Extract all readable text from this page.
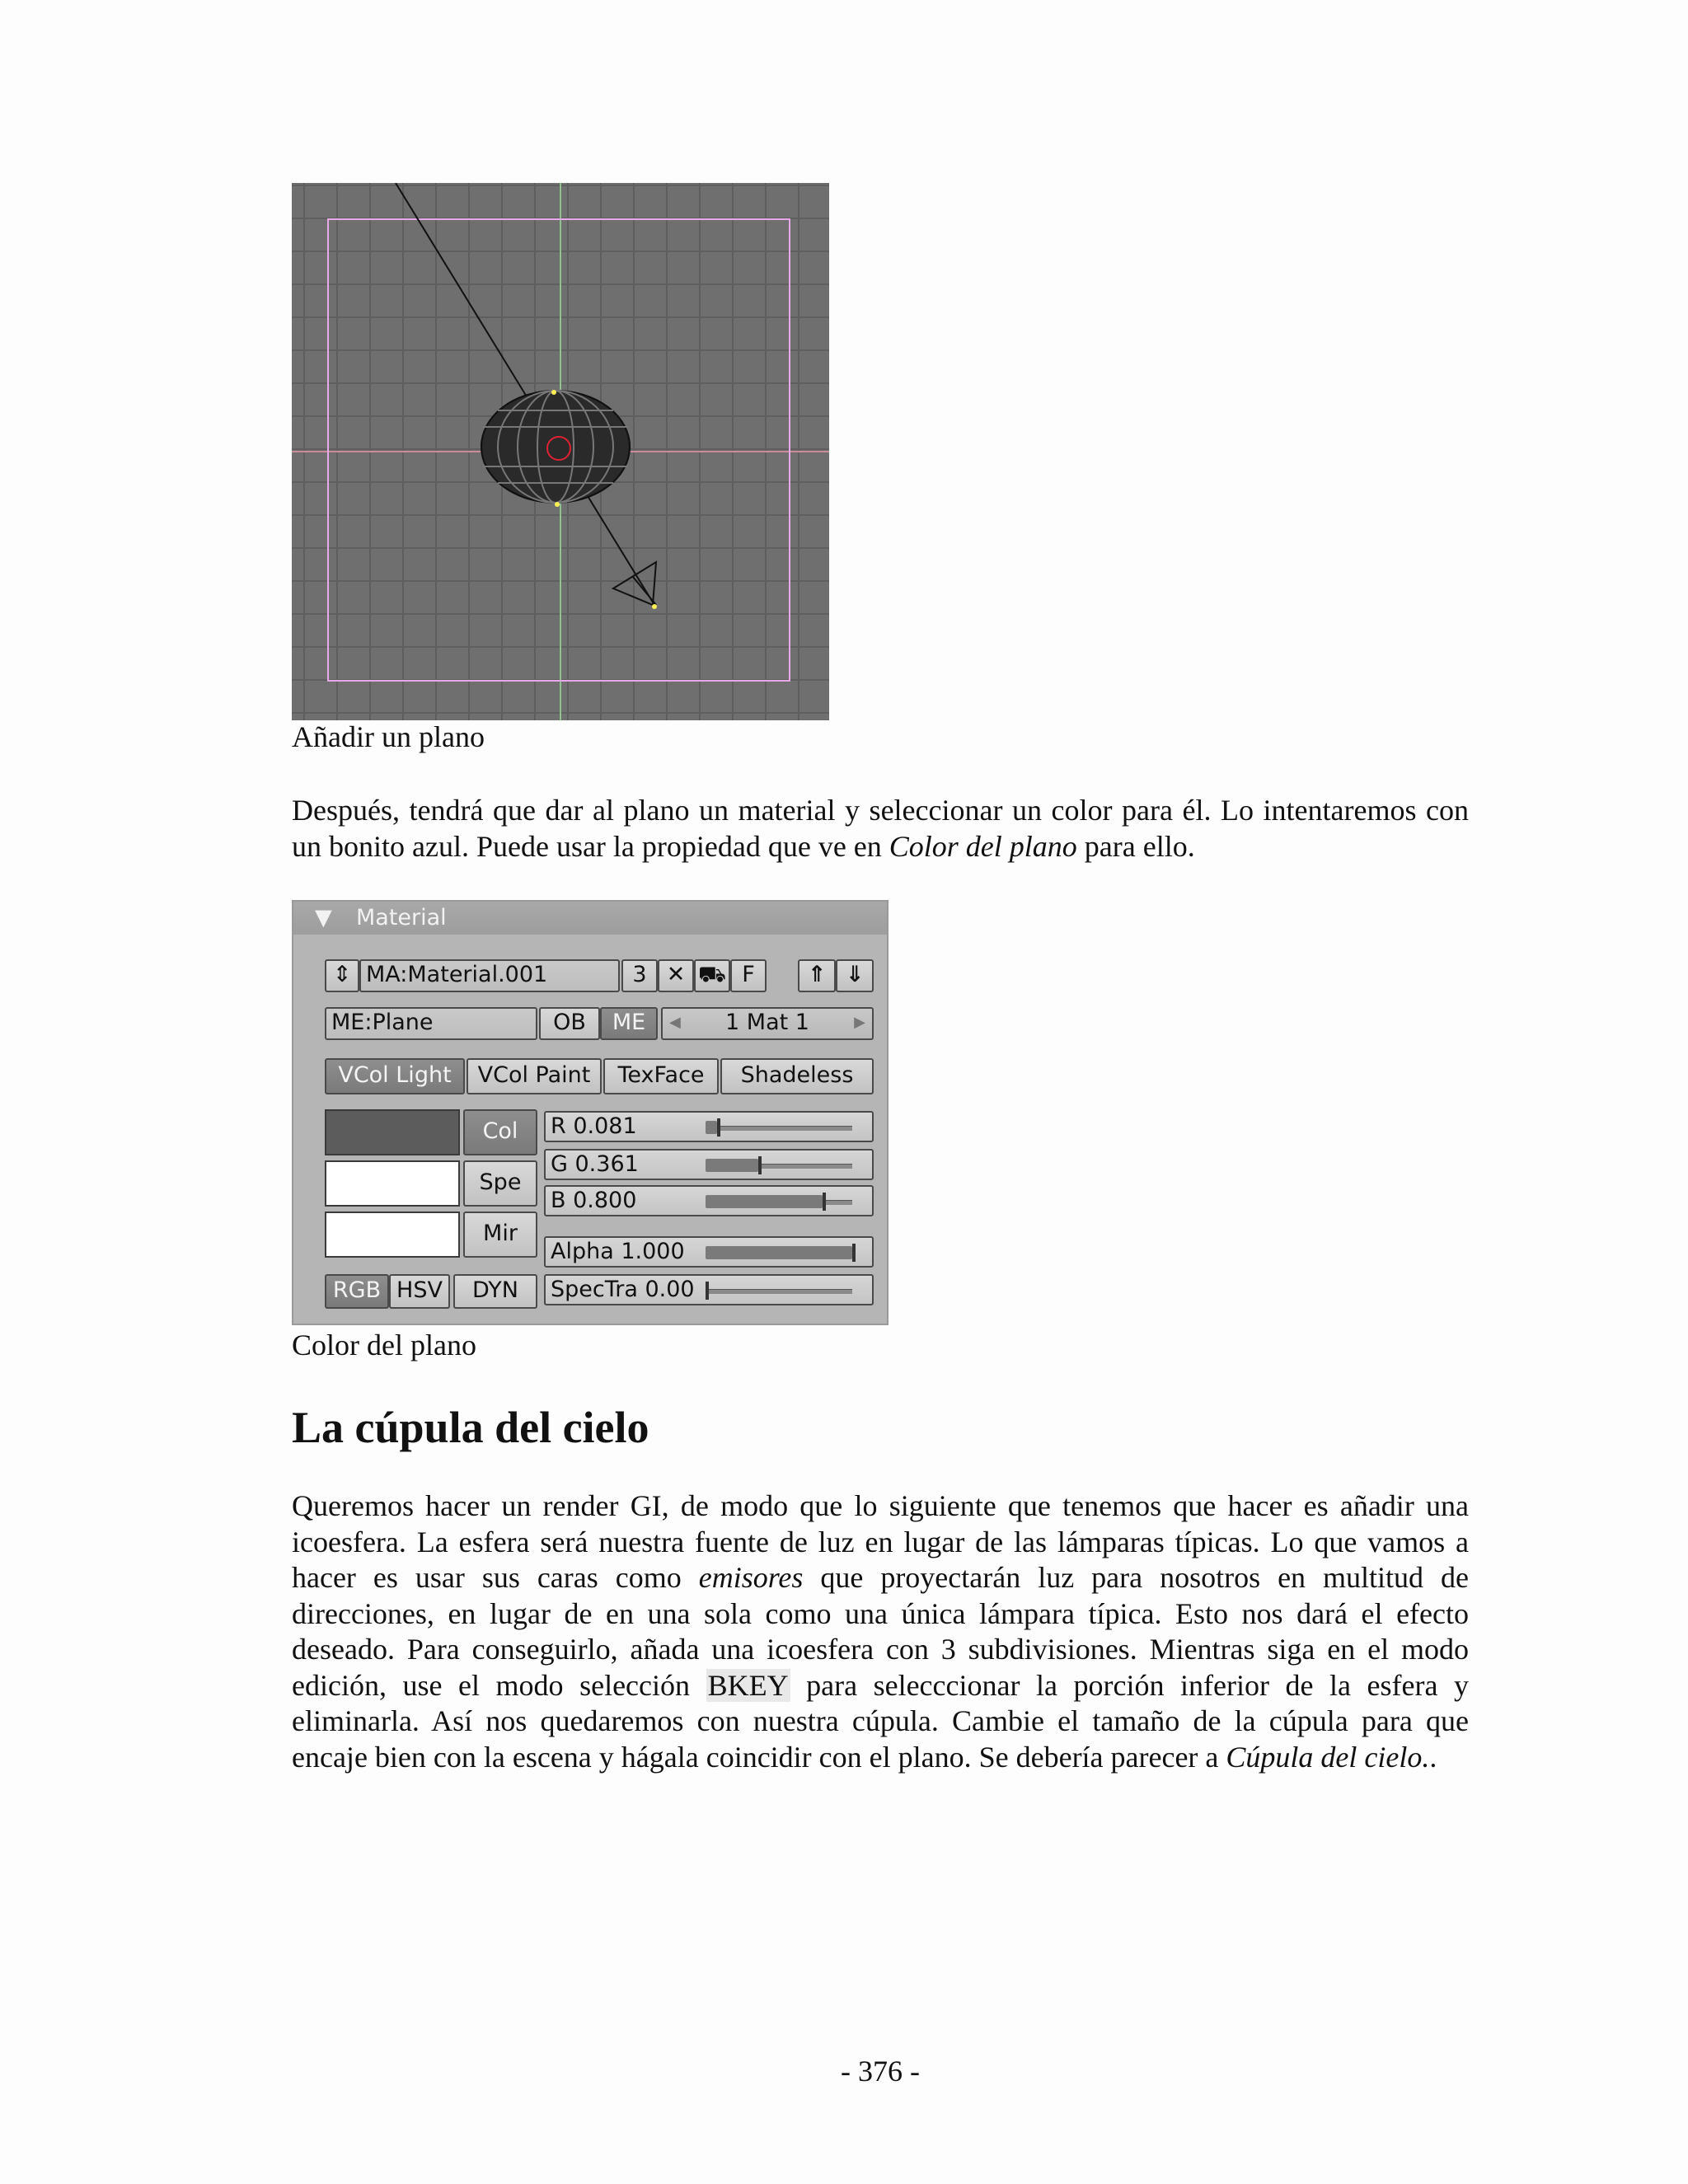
Añadir un plano
Después, tendrá que dar al plano un material y seleccionar un color para él. Lo intentaremos con un bonito azul. Puede usar la propiedad que ve en Color del plano para ello.
▼ Material
⇕ MA:Material.001	3 ✕ ⛟ F	⇑ ⇓
ME:Plane	OB	ME	◀ 1 Mat 1	▶
VCol Light	VCol Paint	TexFace	Shadeless
Col
Spe
Mir
R 0.081
G 0.361
B 0.800
Alpha 1.000
SpecTra 0.00
RGB HSV	DYN
Color del plano
La cúpula del cielo
Queremos hacer un render GI, de modo que lo siguiente que tenemos que hacer es añadir una icoesfera. La esfera será nuestra fuente de luz en lugar de las lámparas típicas. Lo que vamos a hacer es usar sus caras como emisores que proyectarán luz para nosotros en multitud de direcciones, en lugar de en una sola como una única lámpara típica. Esto nos dará el efecto deseado. Para conseguirlo, añada una icoesfera con 3 subdivisiones. Mientras siga en el modo edición, use el modo selección BKEY para selecccionar la porción inferior de la esfera y eliminarla. Así nos quedaremos con nuestra cúpula. Cambie el tamaño de la cúpula para que encaje bien con la escena y hágala coincidir con el plano. Se debería parecer a Cúpula del cielo..
- 376 -
